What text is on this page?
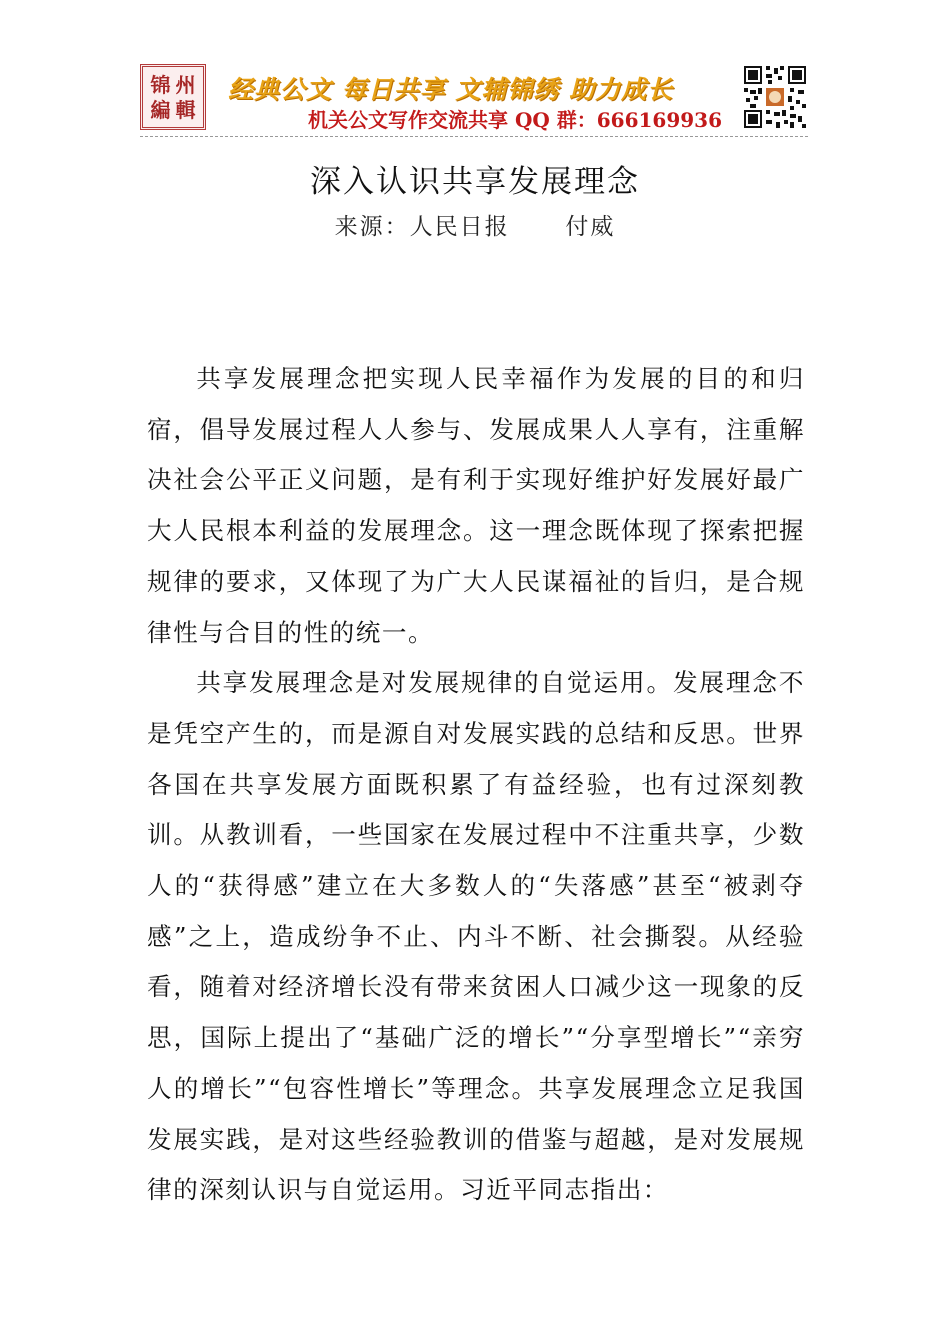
锦 州
編 輯
经典公文 每日共享 文辅锦绣 助力成长
机关公文写作交流共享 QQ 群：666169936
深入认识共享发展理念
来源：人民日报      付威

共享发展理念把实现人民幸福作为发展的目的和归宿，倡导发展过程人人参与、发展成果人人享有，注重解决社会公平正义问题，是有利于实现好维护好发展好最广大人民根本利益的发展理念。这一理念既体现了探索把握规律的要求，又体现了为广大人民谋福祉的旨归，是合规律性与合目的性的统一。

共享发展理念是对发展规律的自觉运用。发展理念不是凭空产生的，而是源自对发展实践的总结和反思。世界各国在共享发展方面既积累了有益经验，也有过深刻教训。从教训看，一些国家在发展过程中不注重共享，少数人的“获得感”建立在大多数人的“失落感”甚至“被剥夺感”之上，造成纷争不止、内斗不断、社会撕裂。从经验看，随着对经济增长没有带来贫困人口减少这一现象的反思，国际上提出了“基础广泛的增长”“分享型增长”“亲穷人的增长”“包容性增长”等理念。共享发展理念立足我国发展实践，是对这些经验教训的借鉴与超越，是对发展规律的深刻认识与自觉运用。习近平同志指出：
